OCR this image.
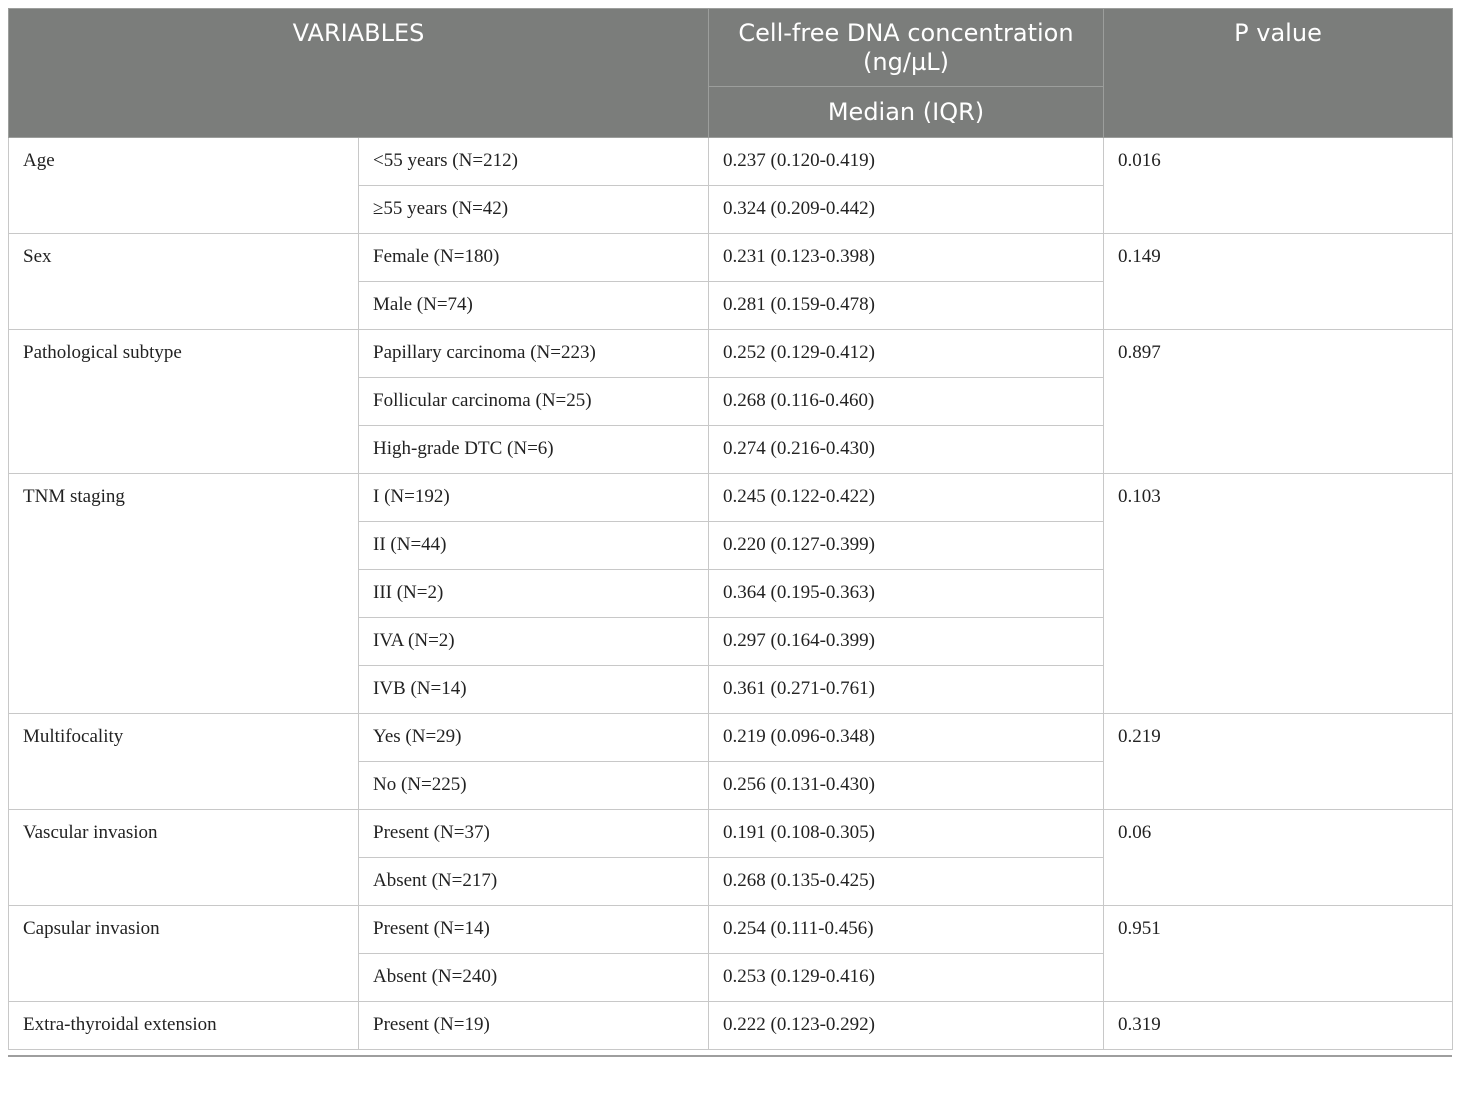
VARIABLES		Cell-free DNA concentration (ng/µL)	P value
		Median (IQR)	
Age	<55 years (N=212)	0.237 (0.120-0.419)	0.016
	≥55 years (N=42)	0.324 (0.209-0.442)	
Sex	Female (N=180)	0.231 (0.123-0.398)	0.149
	Male (N=74)	0.281 (0.159-0.478)	
Pathological subtype	Papillary carcinoma (N=223)	0.252 (0.129-0.412)	0.897
	Follicular carcinoma (N=25)	0.268 (0.116-0.460)	
	High-grade DTC (N=6)	0.274 (0.216-0.430)	
TNM staging	I (N=192)	0.245 (0.122-0.422)	0.103
	II (N=44)	0.220 (0.127-0.399)	
	III (N=2)	0.364 (0.195-0.363)	
	IVA (N=2)	0.297 (0.164-0.399)	
	IVB (N=14)	0.361 (0.271-0.761)	
Multifocality	Yes (N=29)	0.219 (0.096-0.348)	0.219
	No (N=225)	0.256 (0.131-0.430)	
Vascular invasion	Present (N=37)	0.191 (0.108-0.305)	0.06
	Absent (N=217)	0.268 (0.135-0.425)	
Capsular invasion	Present (N=14)	0.254 (0.111-0.456)	0.951
	Absent (N=240)	0.253 (0.129-0.416)	
Extra-thyroidal extension	Present (N=19)	0.222 (0.123-0.292)	0.319
